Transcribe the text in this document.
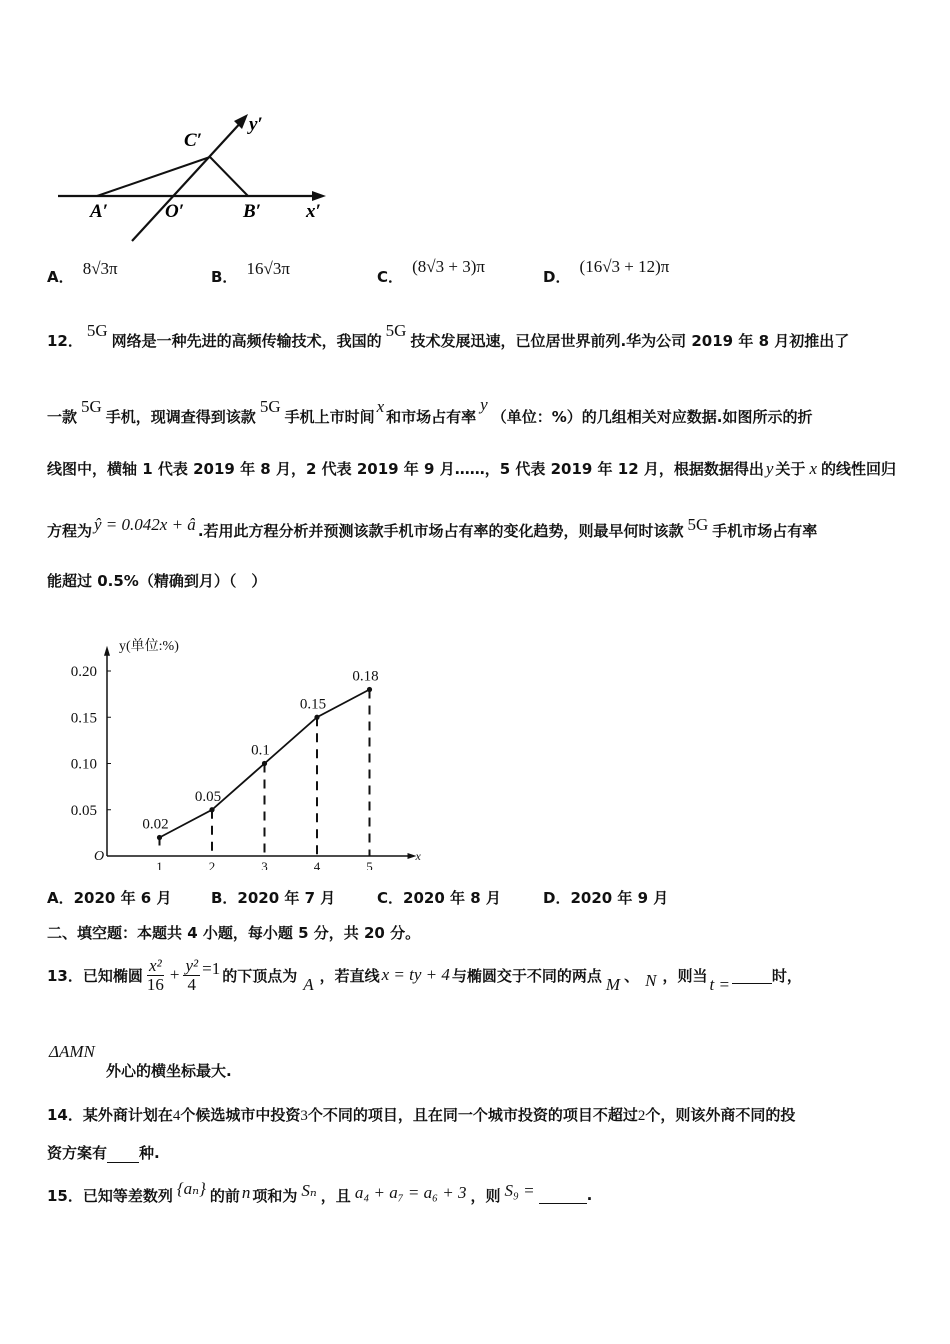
C′
y′
A′	O′	B′ x′
A． 8√3π	B． 16√3π	C． (8√3 + 3)π
D． (16√3 + 12)π
12．5G网络是一种先进的高频传输技术，我国的5G技术发展迅速，已位居世界前列.华为公司 2019 年 8 月初推出了
一款5G手机，现调查得到该款5G手机上市时间x和市场占有率y（单位：%）的几组相关对应数据.如图所示的折
线图中，横轴 1 代表 2019 年 8 月，2 代表 2019 年 9 月……，5 代表 2019 年 12 月，根据数据得出 y 关于 x 的线性回归
方程为 ŷ = 0.042x + â .若用此方程分析并预测该款手机市场占有率的变化趋势，则最早何时该款 5G 手机市场占有率
能超过 0.5%（精确到月）（　）
y(单位:%)
x
O
0.05
0.10
0.15
0.20
1	2	3	4	5
0.02
0.05
0.1
0.15
0.18
A．2020 年 6 月	B．2020 年 7 月	C．2020 年 8 月	D．2020 年 9 月
二、填空题：本题共 4 小题，每小题 5 分，共 20 分。
13．已知椭圆 $\frac{\text{x²}}{16} + \frac{\text{y²}}{4} =1$ 的下顶点为 A ，若直线 x = ty + 4 与椭圆交于不同的两点 M 、 N ，则当 t =	时，
ΔAMN
外心的横坐标最大.
14．某外商计划在4个候选城市中投资3个不同的项目，且在同一个城市投资的项目不超过2个，则该外商不同的投
资方案有 种.
15．已知等差数列 {aₙ} 的前 n 项和为 Sₙ ，且 a₄ + a₇ = a₆ + 3 ，则 S₉ =	.
